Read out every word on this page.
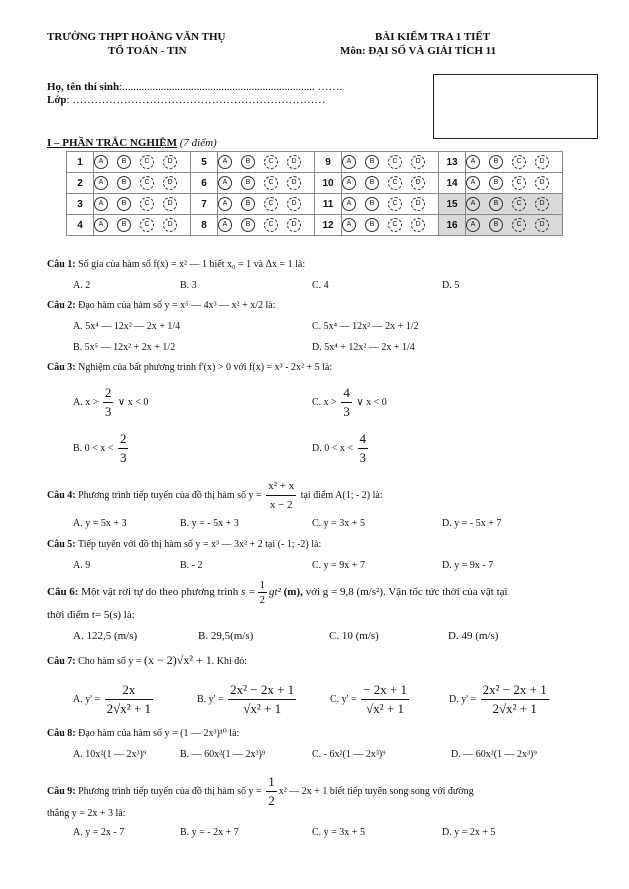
TRƯỜNG THPT HOÀNG VĂN THỤ
TỔ TOÁN - TIN
BÀI KIỂM TRA 1 TIẾT
Môn: ĐẠI SỐ VÀ GIẢI TÍCH 11
Họ, tên thí sinh:...................................................................... …….
Lớp: ……………………………………………………………
I – PHẦN TRẮC NGHIỆM (7 điểm)
1	A B C D	5	A B C D	9	A B C D	13	A B C D
2	A B C D	6	A B C D	10	A B C D	14	A B C D
3	A B C D	7	A B C D	11	A B C D	15	A B C D
4	A B C D	8	A B C D	12	A B C D	16	A B C D
Câu 1: Số gia của hàm số f(x) = x² — 1 biết x₀ = 1 và Δx = 1 là:
A. 2	B. 3	C. 4	D. 5
Câu 2: Đạo hàm của hàm số y = x⁵ — 4x³ — x² + x/2 là:
A. 5x⁴ — 12x² — 2x + 1/4	C. 5x⁴ — 12x² — 2x + 1/2
B. 5x⁵ — 12x² + 2x + 1/2	D. 5x⁴ + 12x² — 2x + 1/4
Câu 3: Nghiệm của bất phương trình f'(x) > 0 với f(x) = x³ - 2x² + 5 là:
A. $x > \frac{2}{3}$ ∨ x < 0	C. $x > \frac{4}{3}$ ∨ x < 0
B. $0 < x < \frac{2}{3}$	D. $0 < x < \frac{4}{3}$
Câu 4: Phương trình tiếp tuyến của đồ thị hàm số $y = \frac{\text{x² + x}}{x - 2}$ tại điểm A(1; - 2) là:
A. y = 5x + 3	B. y = - 5x + 3	C. y = 3x + 5	D. y = - 5x + 7
Câu 5: Tiếp tuyến với đồ thị hàm số y = x³ — 3x² + 2 tại (- 1; -2) là:
A. 9	B. - 2	C. y = 9x + 7	D. y = 9x - 7
Câu 6: Một vật rơi tự do theo phương trình $s = \frac{1}{2} gt^2$ (m), với g = 9,8 (m/s²). Vận tốc tức thời của vật tại
thời điểm t= 5(s) là:
A. 122,5 (m/s)	B. 29,5(m/s)	C. 10 (m/s)	D. 49 (m/s)
Câu 7: Cho hàm số y = (x − 2)√x² + 1. Khi đó:
A. $y' = \frac{2x}{\text{2√x² + 1}}$	B. $y' = \frac{\text{2x² − 2x + 1}}{\text{√x² + 1}}$	C. $y' = \frac{- 2x + 1}{\text{√x² + 1}}$	D. $y' = \frac{\text{2x² − 2x + 1}}{\text{2√x² + 1}}$
Câu 8: Đạo hàm của hàm số y = (1 — 2x³)¹⁰ là:
A. 10x²(1 — 2x³)⁹	B. — 60x²(1 — 2x³)⁹	C. - 6x²(1 — 2x³)⁹	D. — 60x²(1 — 2x³)⁹
Câu 9: Phương trình tiếp tuyến của đồ thị hàm số $y = \frac{1}{2} x^2$ — 2x + 1 biết tiếp tuyến song song với đường
thẳng y = 2x + 3 là:
A. y = 2x - 7	B. y = - 2x + 7	C. y = 3x + 5	D. y = 2x + 5
